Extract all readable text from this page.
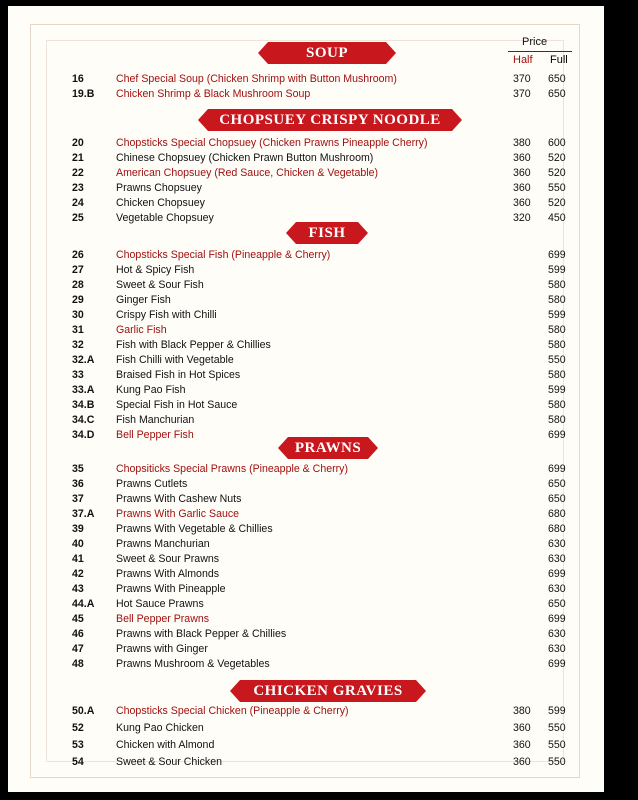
Price
Half Full
SOUP
16	Chef Special Soup (Chicken Shrimp with Button Mushroom)	370 650
19.B Chicken Shrimp & Black Mushroom Soup	370 650
CHOPSUEY CRISPY NOODLE
20	Chopsticks Special Chopsuey (Chicken Prawns Pineapple Cherry)	380 600
21	Chinese Chopsuey (Chicken Prawn Button Mushroom)	360 520
22	American Chopsuey (Red Sauce, Chicken & Vegetable)	360 520
23	Prawns Chopsuey	360 550
24	Chicken Chopsuey	360 520
25	Vegetable Chopsuey	320 450
FISH
26	Chopsticks Special Fish (Pineapple & Cherry)	699
27	Hot & Spicy Fish	599
28	Sweet & Sour Fish	580
29	Ginger Fish	580
30	Crispy Fish with Chilli	599
31	Garlic Fish	580
32	Fish with Black Pepper & Chillies	580
32.A Fish Chilli with Vegetable	550
33	Braised Fish in Hot Spices	580
33.A Kung Pao Fish	599
34.B Special Fish in Hot Sauce	580
34.C Fish Manchurian	580
34.D Bell Pepper Fish	699
PRAWNS
35	Chopsiticks Special Prawns (Pineapple & Cherry)	699
36	Prawns Cutlets	650
37	Prawns With Cashew Nuts	650
37.A Prawns With Garlic Sauce	680
39	Prawns With Vegetable & Chillies	680
40	Prawns Manchurian	630
41	Sweet & Sour Prawns	630
42	Prawns With Almonds	699
43	Prawns With Pineapple	630
44.A Hot Sauce Prawns	650
45	Bell Pepper Prawns	699
46	Prawns with Black Pepper & Chillies	630
47	Prawns with Ginger	630
48	Prawns Mushroom & Vegetables	699
CHICKEN GRAVIES
50.A Chopsticks Special Chicken (Pineapple & Cherry)	380 599
52	Kung Pao Chicken	360 550
53	Chicken with Almond	360 550
54	Sweet & Sour Chicken	360 550
